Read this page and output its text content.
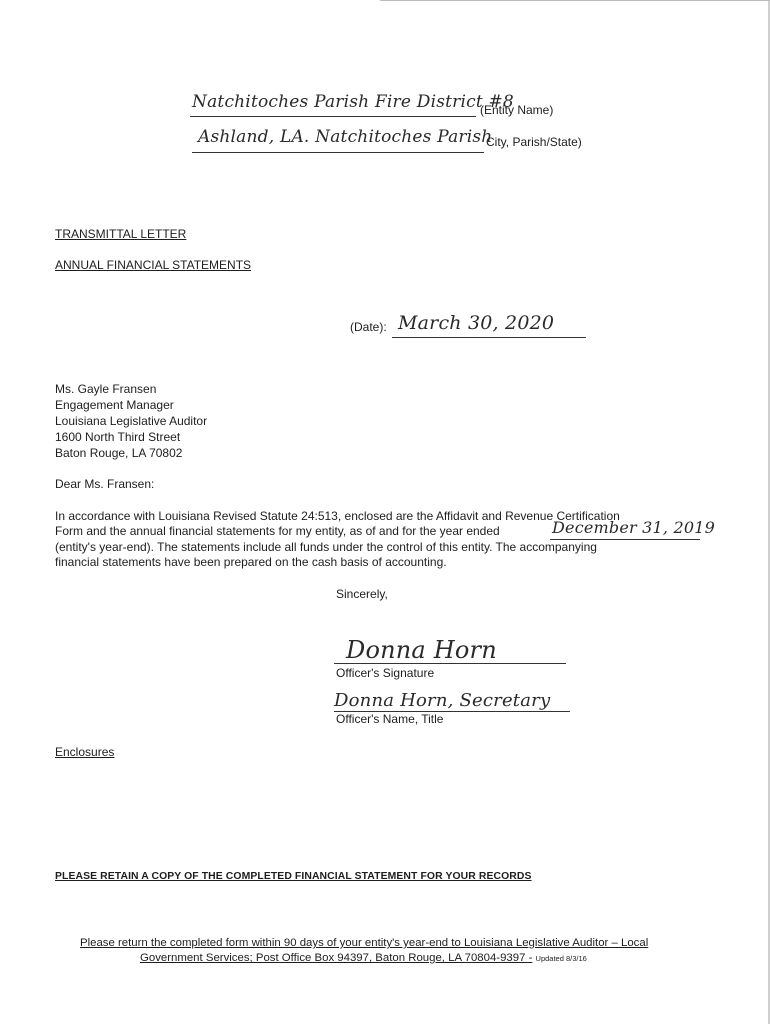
Natchitoches Parish Fire District #8
(Entity Name)
Ashland, LA. Natchitoches Parish
City, Parish/State)
TRANSMITTAL LETTER
ANNUAL FINANCIAL STATEMENTS
(Date): March 30, 2020
Ms. Gayle Fransen
Engagement Manager
Louisiana Legislative Auditor
1600 North Third Street
Baton Rouge, LA 70802
Dear Ms. Fransen:
In accordance with Louisiana Revised Statute 24:513, enclosed are the Affidavit and Revenue Certification
Form and the annual financial statements for my entity, as of and for the year ended	December 31, 2019
(entity's year-end). The statements include all funds under the control of this entity. The accompanying
financial statements have been prepared on the cash basis of accounting.
Sincerely,
Donna Horn
Officer's Signature
Donna Horn, Secretary
Officer's Name, Title
Enclosures
PLEASE RETAIN A COPY OF THE COMPLETED FINANCIAL STATEMENT FOR YOUR RECORDS
Please return the completed form within 90 days of your entity's year-end to Louisiana Legislative Auditor – Local
Government Services; Post Office Box 94397, Baton Rouge, LA 70804-9397 - Updated 8/3/16
